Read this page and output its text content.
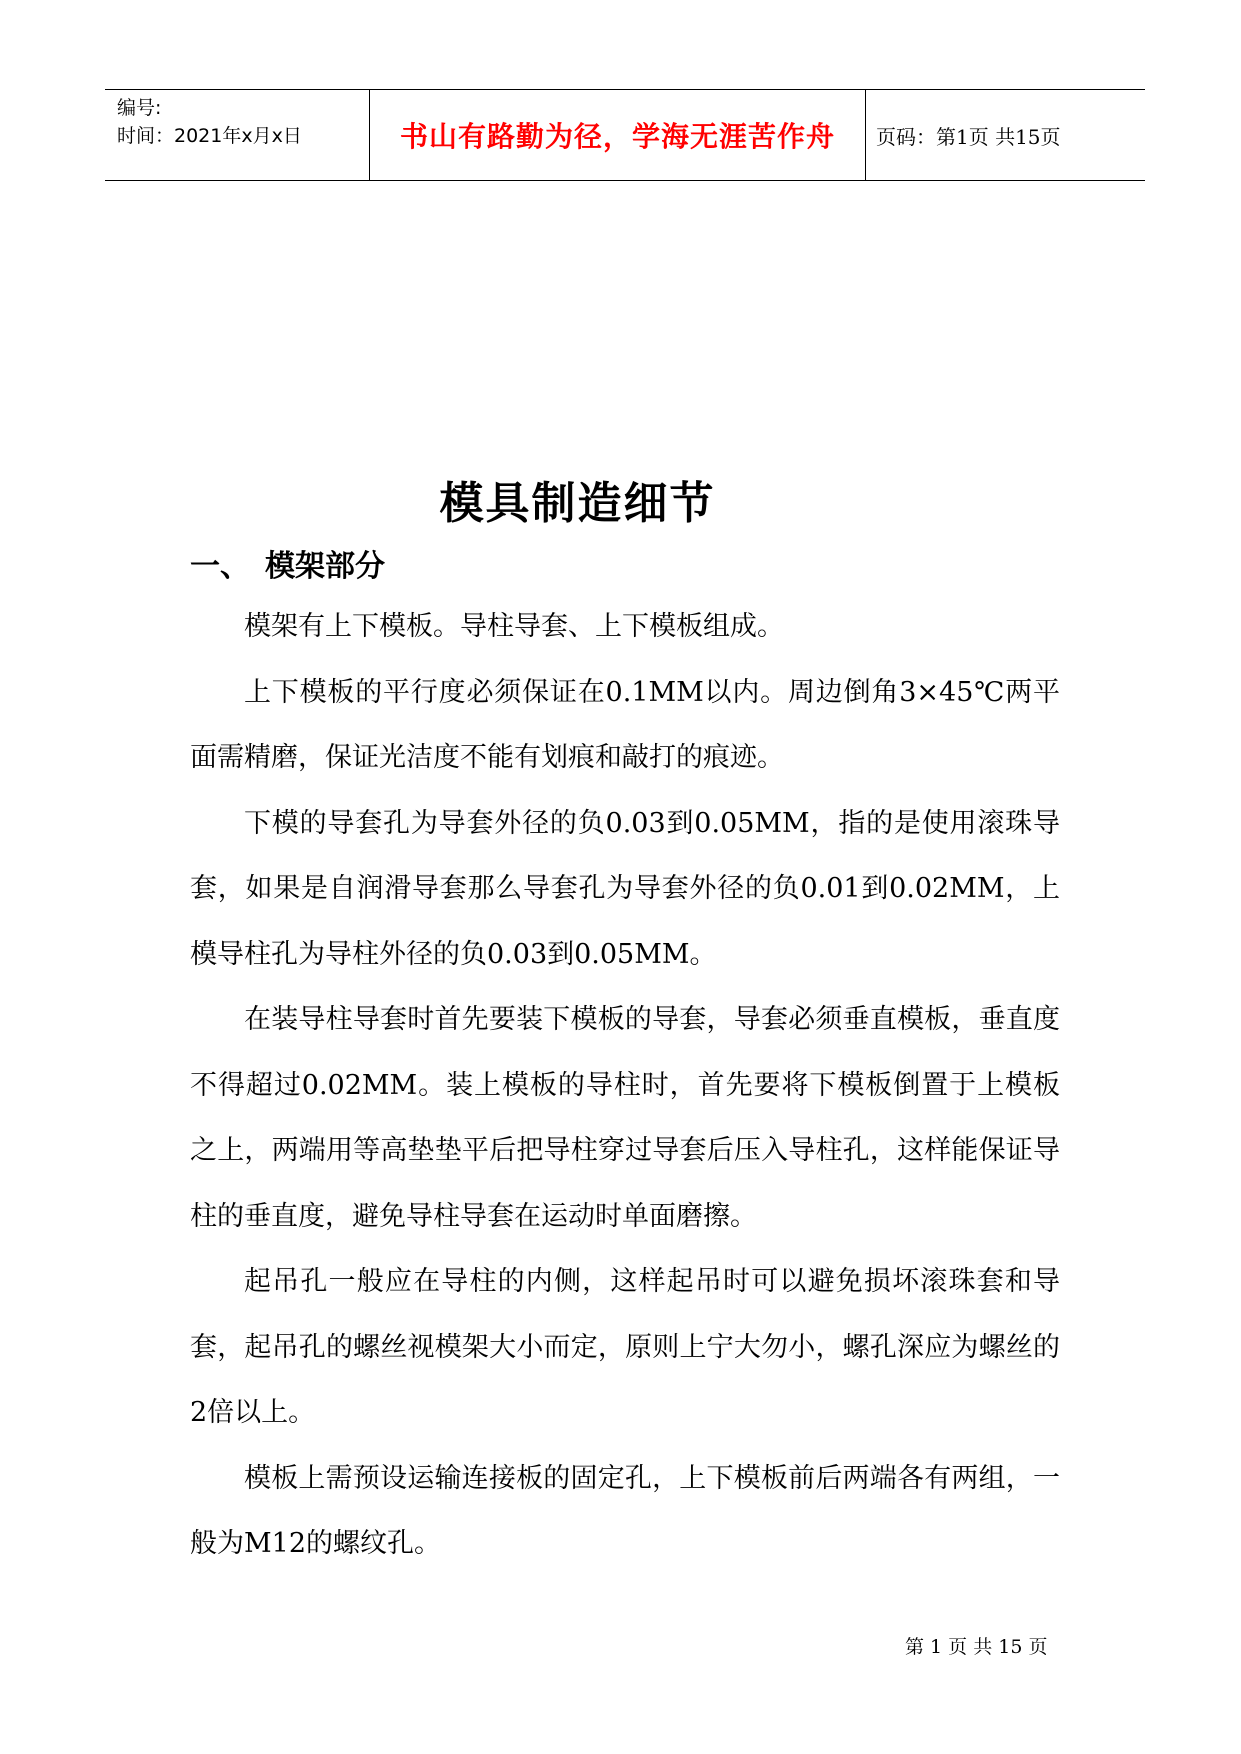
编号:
时间：2021年x月x日	书山有路勤为径，学海无涯苦作舟 页码：第1页 共15页
模具制造细节
一、 模架部分

模架有上下模板。导柱导套、上下模板组成。

上下模板的平行度必须保证在0.1MM以内。周边倒角3×45℃两平面需精磨，保证光洁度不能有划痕和敲打的痕迹。

下模的导套孔为导套外径的负0.03到0.05MM，指的是使用滚珠导套，如果是自润滑导套那么导套孔为导套外径的负0.01到0.02MM，上模导柱孔为导柱外径的负0.03到0.05MM。

在装导柱导套时首先要装下模板的导套，导套必须垂直模板，垂直度不得超过0.02MM。装上模板的导柱时，首先要将下模板倒置于上模板之上，两端用等高垫垫平后把导柱穿过导套后压入导柱孔，这样能保证导柱的垂直度，避免导柱导套在运动时单面磨擦。

起吊孔一般应在导柱的内侧，这样起吊时可以避免损坏滚珠套和导套，起吊孔的螺丝视模架大小而定，原则上宁大勿小，螺孔深应为螺丝的2倍以上。

模板上需预设运输连接板的固定孔，上下模板前后两端各有两组，一般为M12的螺纹孔。

第 1 页 共 15 页
